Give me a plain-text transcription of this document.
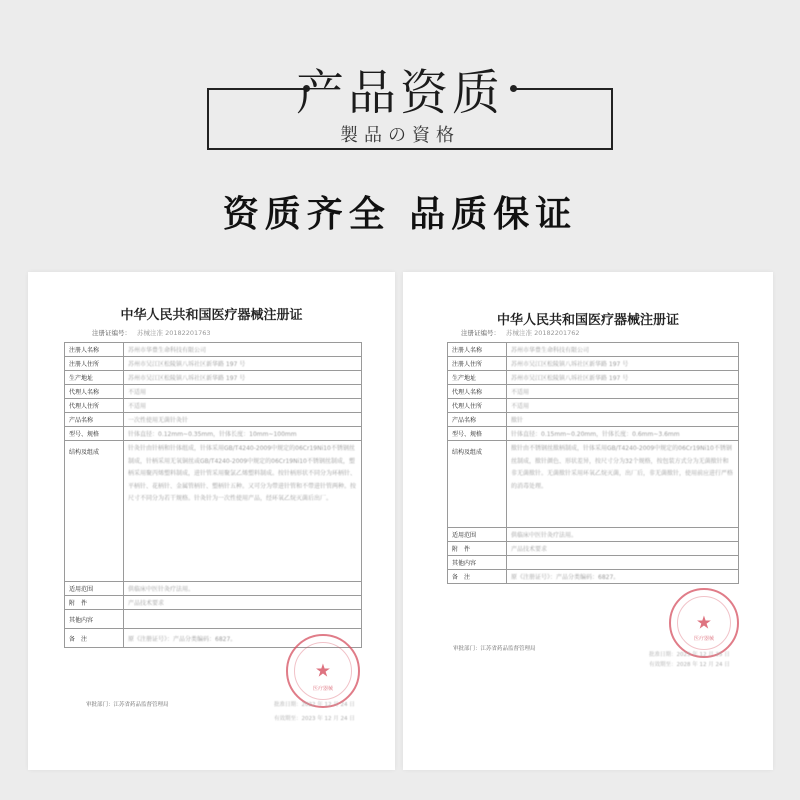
产品资质
製品の資格
资质齐全 品质保证
中华人民共和国医疗器械注册证
注册证编号： 苏械注准 20182201763
注册人名称	苏州市华豊生命科技有限公司
注册人住所	苏州市吴江区松陵镇八坼社区新华路 197 号
生产地址	苏州市吴江区松陵镇八坼社区新华路 197 号
代理人名称	不适用
代理人住所	不适用
产品名称	一次性使用无菌针灸针
型号、规格	针体直径：0.12mm~0.35mm，针体长度：10mm~100mm
结构及组成	针灸针由针柄和针体组成，针体采用GB/T4240-2009中规定的06Cr19Ni10不锈钢丝制成，针柄采用无氧铜丝或GB/T4240-2009中规定的06Cr19Ni10不锈钢丝制成，塑柄采用聚丙烯塑料制成，进针管采用聚氯乙烯塑料制成。按针柄形状不同分为环柄针、平柄针、花柄针、金属管柄针、塑柄针五种。又可分为带进针管和不带进针管两种。按尺寸不同分为若干规格。针灸针为一次性使用产品，经环氧乙烷灭菌后出厂。
适用范围	供临床中医针灸疗法用。
附　件	产品技术要求
其他内容	
备　注	原《注册证号》：产品分类编码：6827。
★
医疗器械
审批部门：江苏省药品监督管理局	批准日期：2022 年 12 月 24 日
有效期至：2023 年 12 月 24 日
中华人民共和国医疗器械注册证
注册证编号： 苏械注准 20182201762
注册人名称	苏州市华豊生命科技有限公司
注册人住所	苏州市吴江区松陵镇八坼社区新华路 197 号
生产地址	苏州市吴江区松陵镇八坼社区新华路 197 号
代理人名称	不适用
代理人住所	不适用
产品名称	揿针
型号、规格	针体直径：0.15mm~0.20mm，针体长度：0.6mm~3.6mm
结构及组成	揿针由不锈钢丝揿柄制成，针体采用GB/T4240-2009中规定的06Cr19Ni10不锈钢丝制成，揿针颜色、形状差异，按尺寸分为32个规格，按包装方式分为无菌揿针和非无菌揿针。无菌揿针采用环氧乙烷灭菌，出厂后，非无菌揿针，使用前应进行严格的消毒处理。
适用范围	供临床中医针灸疗法用。
附　件	产品技术要求
其他内容	
备　注	原《注册证号》：产品分类编码：6827。
★
医疗器械
审批部门：江苏省药品监督管理局
批准日期：2023 年 12 月 25 日
有效期至：2028 年 12 月 24 日
